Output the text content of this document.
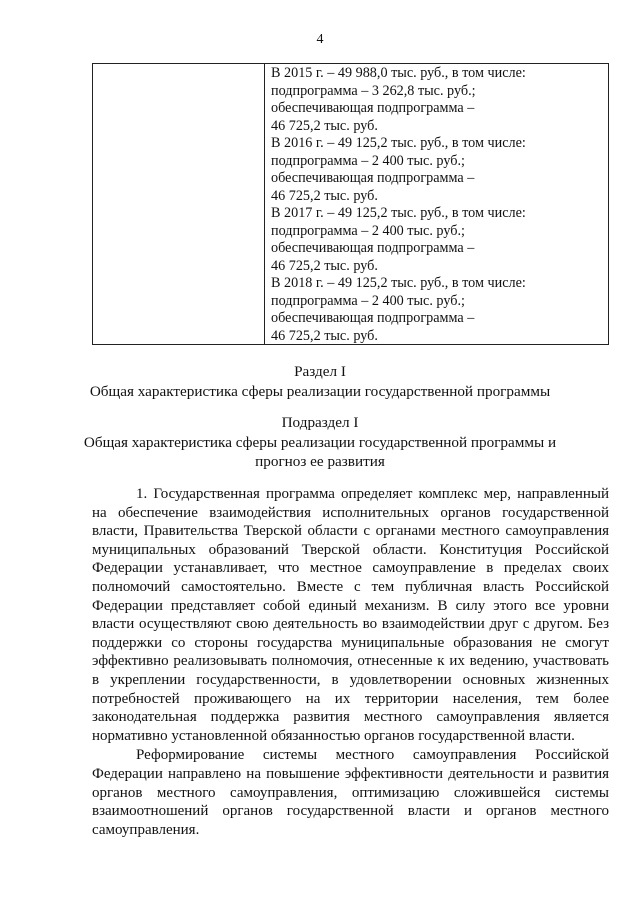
4
В 2015 г. – 49 988,0 тыс. руб., в том числе:
подпрограмма – 3 262,8 тыс. руб.;
обеспечивающая подпрограмма –
46 725,2 тыс. руб.
В 2016 г. – 49 125,2 тыс. руб., в том числе:
подпрограмма – 2 400 тыс. руб.;
обеспечивающая подпрограмма –
46 725,2 тыс. руб.
В 2017 г. – 49 125,2 тыс. руб., в том числе:
подпрограмма – 2 400 тыс. руб.;
обеспечивающая подпрограмма –
46 725,2 тыс. руб.
В 2018 г. – 49 125,2 тыс. руб., в том числе:
подпрограмма – 2 400 тыс. руб.;
обеспечивающая подпрограмма –
46 725,2 тыс. руб.
Раздел I
Общая характеристика сферы реализации государственной программы
Подраздел I
Общая характеристика сферы реализации государственной программы и
прогноз ее развития

1. Государственная программа определяет комплекс мер, направленный на обеспечение взаимодействия исполнительных органов государственной власти, Правительства Тверской области с органами местного самоуправления муниципальных образований Тверской области. Конституция Российской Федерации устанавливает, что местное самоуправление в пределах своих полномочий самостоятельно. Вместе с тем публичная власть Российской Федерации представляет собой единый механизм. В силу этого все уровни власти осуществляют свою деятельность во взаимодействии друг с другом. Без поддержки со стороны государства муниципальные образования не смогут эффективно реализовывать полномочия, отнесенные к их ведению, участвовать в укреплении государственности, в удовлетворении основных жизненных потребностей проживающего на их территории населения, тем более законодательная поддержка развития местного самоуправления является нормативно установленной обязанностью органов государственной власти.

Реформирование системы местного самоуправления Российской Федерации направлено на повышение эффективности деятельности и развития органов местного самоуправления, оптимизацию сложившейся системы взаимоотношений органов государственной власти и органов местного самоуправления.
